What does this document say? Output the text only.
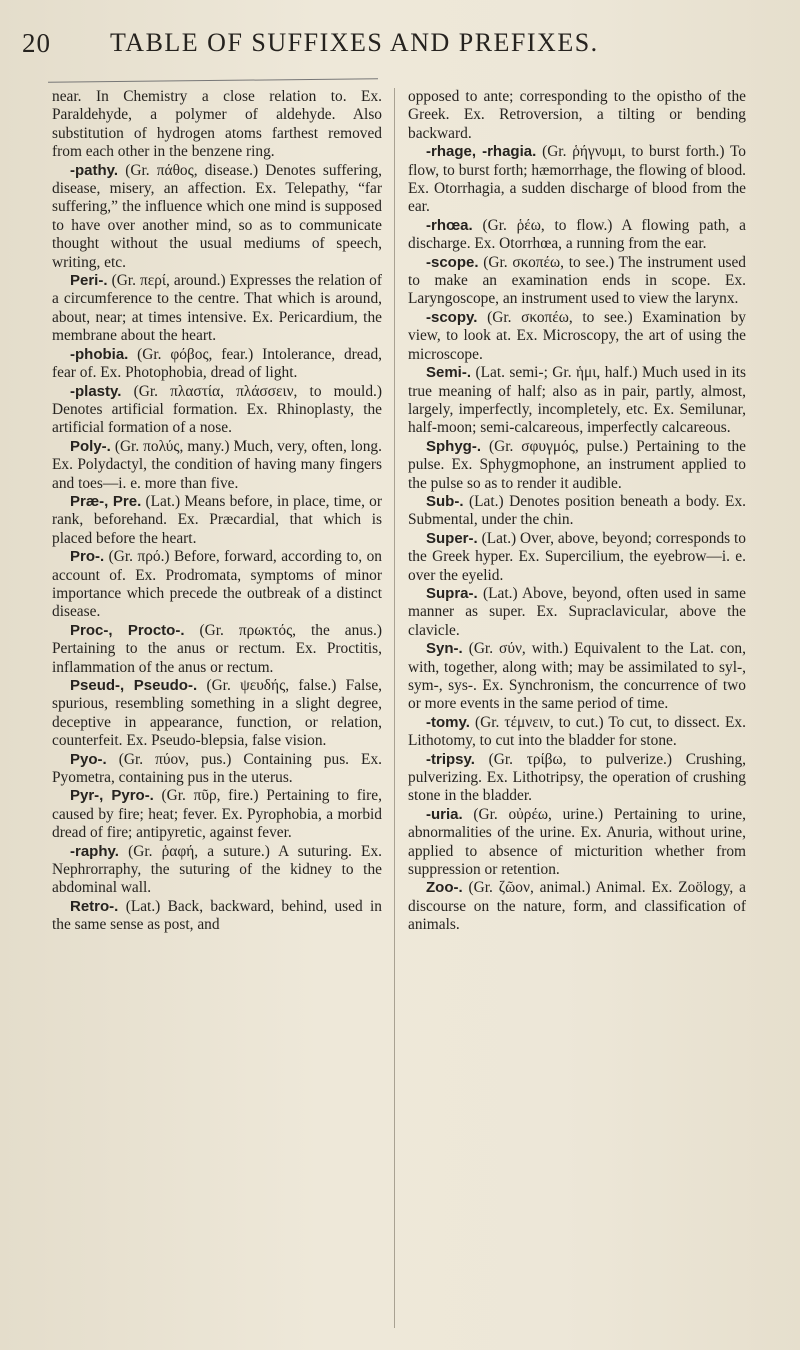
20 TABLE OF SUFFIXES AND PREFIXES.

near. In Chemistry a close relation to. Ex. Paraldehyde, a polymer of aldehyde. Also substitution of hydrogen atoms farthest removed from each other in the benzene ring.

-pathy. (Gr. πάθος, disease.) Denotes suffering, disease, misery, an affection. Ex. Telepathy, “far suffering,” the influence which one mind is supposed to have over another mind, so as to communicate thought without the usual mediums of speech, writing, etc.

Peri-. (Gr. περί, around.) Expresses the relation of a circumference to the centre. That which is around, about, near; at times intensive. Ex. Pericardium, the membrane about the heart.

-phobia. (Gr. φόβος, fear.) Intolerance, dread, fear of. Ex. Photophobia, dread of light.

-plasty. (Gr. πλαστία, πλάσσειν, to mould.) Denotes artificial formation. Ex. Rhinoplasty, the artificial formation of a nose.

Poly-. (Gr. πολύς, many.) Much, very, often, long. Ex. Polydactyl, the condition of having many fingers and toes—i. e. more than five.

Præ-, Pre. (Lat.) Means before, in place, time, or rank, beforehand. Ex. Præcardial, that which is placed before the heart.

Pro-. (Gr. πρό.) Before, forward, according to, on account of. Ex. Prodromata, symptoms of minor importance which precede the outbreak of a distinct disease.

Proc-, Procto-. (Gr. πρωκτός, the anus.) Pertaining to the anus or rectum. Ex. Proctitis, inflammation of the anus or rectum.

Pseud-, Pseudo-. (Gr. ψευδής, false.) False, spurious, resembling something in a slight degree, deceptive in appearance, function, or relation, counterfeit. Ex. Pseudo-blepsia, false vision.

Pyo-. (Gr. πύον, pus.) Containing pus. Ex. Pyometra, containing pus in the uterus.

Pyr-, Pyro-. (Gr. πῦρ, fire.) Pertaining to fire, caused by fire; heat; fever. Ex. Pyrophobia, a morbid dread of fire; antipyretic, against fever.

-raphy. (Gr. ῥαφή, a suture.) A suturing. Ex. Nephrorraphy, the suturing of the kidney to the abdominal wall.

Retro-. (Lat.) Back, backward, behind, used in the same sense as post, and

opposed to ante; corresponding to the opistho of the Greek. Ex. Retroversion, a tilting or bending backward.

-rhage, -rhagia. (Gr. ῥήγνυμι, to burst forth.) To flow, to burst forth; hæmorrhage, the flowing of blood. Ex. Otorrhagia, a sudden discharge of blood from the ear.

-rhœa. (Gr. ῥέω, to flow.) A flowing path, a discharge. Ex. Otorrhœa, a running from the ear.

-scope. (Gr. σκοπέω, to see.) The instrument used to make an examination ends in scope. Ex. Laryngoscope, an instrument used to view the larynx.

-scopy. (Gr. σκοπέω, to see.) Examination by view, to look at. Ex. Microscopy, the art of using the microscope.

Semi-. (Lat. semi-; Gr. ἡμι, half.) Much used in its true meaning of half; also as in pair, partly, almost, largely, imperfectly, incompletely, etc. Ex. Semilunar, half-moon; semi-calcareous, imperfectly calcareous.

Sphyg-. (Gr. σφυγμός, pulse.) Pertaining to the pulse. Ex. Sphygmophone, an instrument applied to the pulse so as to render it audible.

Sub-. (Lat.) Denotes position beneath a body. Ex. Submental, under the chin.

Super-. (Lat.) Over, above, beyond; corresponds to the Greek hyper. Ex. Supercilium, the eyebrow—i. e. over the eyelid.

Supra-. (Lat.) Above, beyond, often used in same manner as super. Ex. Supraclavicular, above the clavicle.

Syn-. (Gr. σύν, with.) Equivalent to the Lat. con, with, together, along with; may be assimilated to syl-, sym-, sys-. Ex. Synchronism, the concurrence of two or more events in the same period of time.

-tomy. (Gr. τέμνειν, to cut.) To cut, to dissect. Ex. Lithotomy, to cut into the bladder for stone.

-tripsy. (Gr. τρίβω, to pulverize.) Crushing, pulverizing. Ex. Lithotripsy, the operation of crushing stone in the bladder.

-uria. (Gr. οὐρέω, urine.) Pertaining to urine, abnormalities of the urine. Ex. Anuria, without urine, applied to absence of micturition whether from suppression or retention.

Zoo-. (Gr. ζῶον, animal.) Animal. Ex. Zoölogy, a discourse on the nature, form, and classification of animals.
